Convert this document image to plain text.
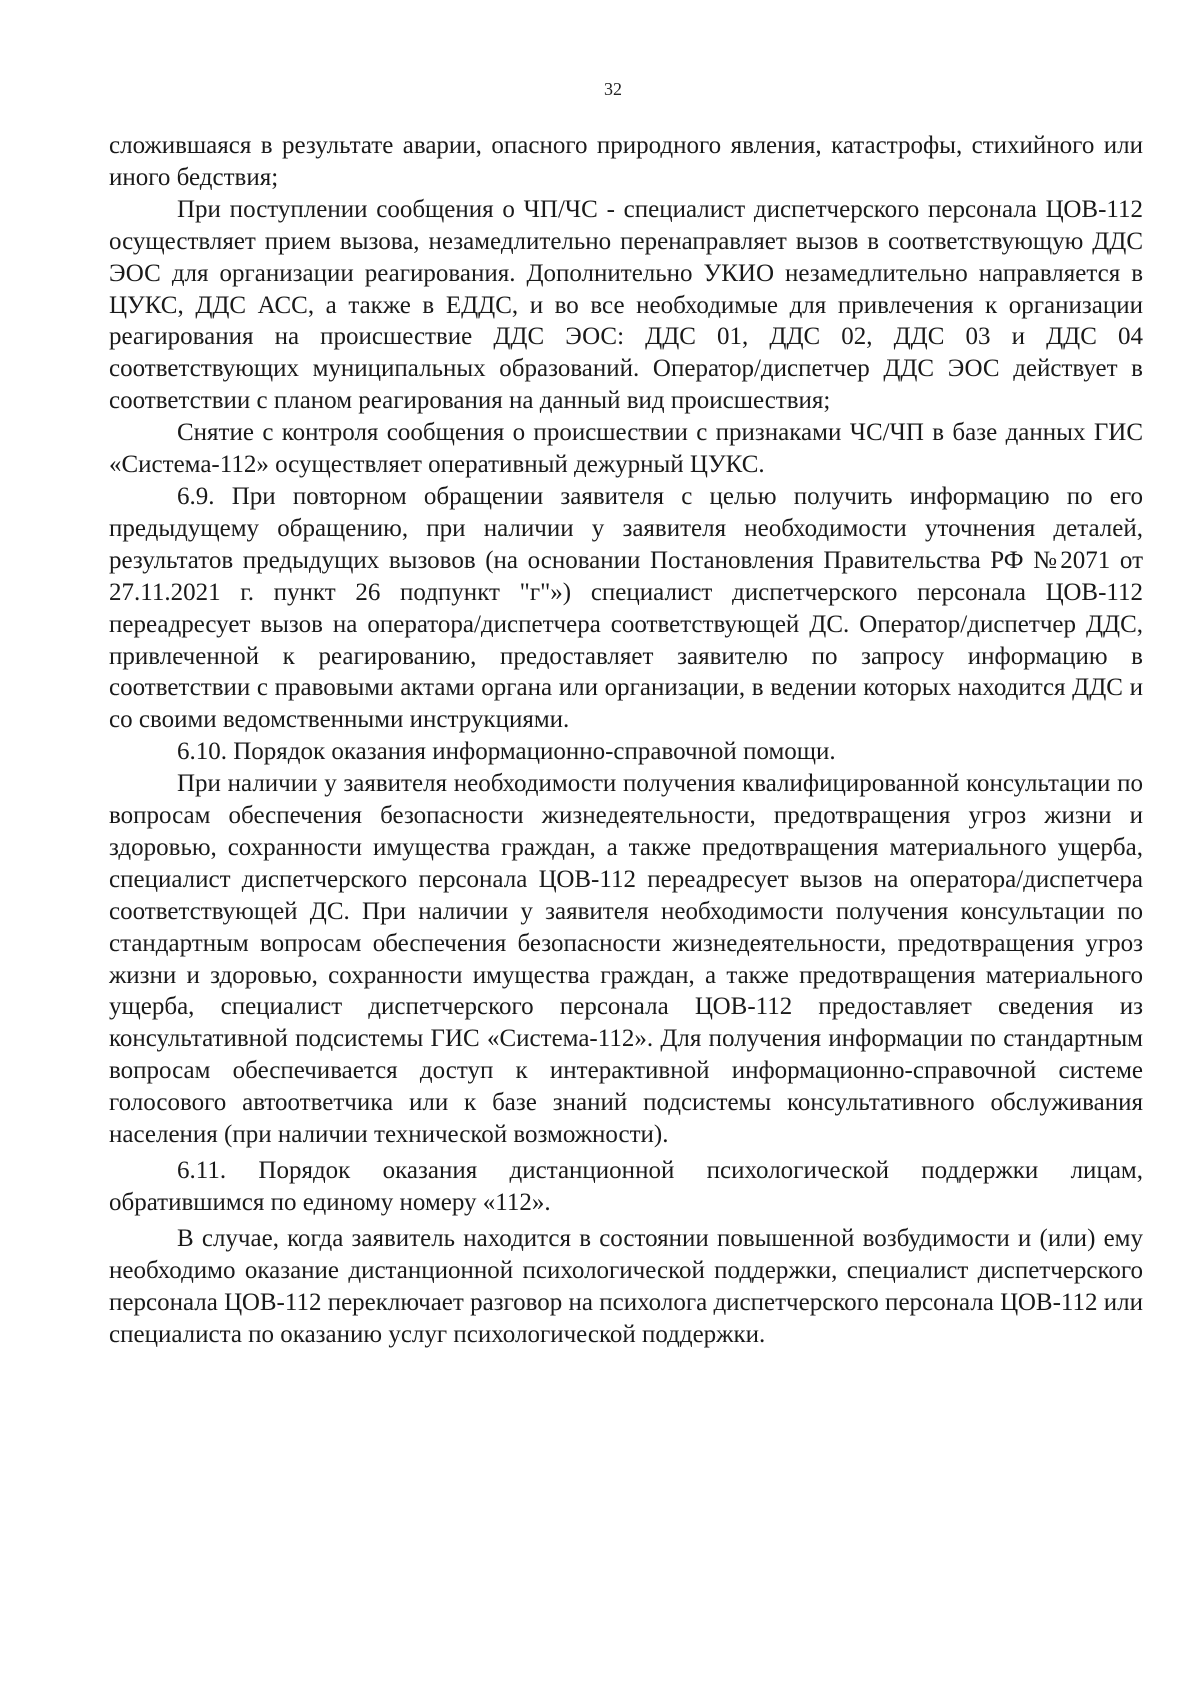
32

сложившаяся в результате аварии, опасного природного явления, катастрофы, стихийного или иного бедствия;

При поступлении сообщения о ЧП/ЧС - специалист диспетчерского персонала ЦОВ-112 осуществляет прием вызова, незамедлительно перенаправляет вызов в соответствующую ДДС ЭОС для организации реагирования. Дополнительно УКИО незамедлительно направляется в ЦУКС, ДДС АСС, а также в ЕДДС, и во все необходимые для привлечения к организации реагирования на происшествие ДДС ЭОС: ДДС 01, ДДС 02, ДДС 03 и ДДС 04 соответствующих муниципальных образований. Оператор/диспетчер ДДС ЭОС действует в соответствии с планом реагирования на данный вид происшествия;

Снятие с контроля сообщения о происшествии с признаками ЧС/ЧП в базе данных ГИС «Система-112» осуществляет оперативный дежурный ЦУКС.

6.9. При повторном обращении заявителя с целью получить информацию по его предыдущему обращению, при наличии у заявителя необходимости уточнения деталей, результатов предыдущих вызовов (на основании Постановления Правительства РФ №2071 от 27.11.2021 г. пункт 26 подпункт "г"») специалист диспетчерского персонала ЦОВ-112 переадресует вызов на оператора/диспетчера соответствующей ДС. Оператор/диспетчер ДДС, привлеченной к реагированию, предоставляет заявителю по запросу информацию в соответствии с правовыми актами органа или организации, в ведении которых находится ДДС и со своими ведомственными инструкциями.

6.10. Порядок оказания информационно-справочной помощи.

При наличии у заявителя необходимости получения квалифицированной консультации по вопросам обеспечения безопасности жизнедеятельности, предотвращения угроз жизни и здоровью, сохранности имущества граждан, а также предотвращения материального ущерба, специалист диспетчерского персонала ЦОВ-112 переадресует вызов на оператора/диспетчера соответствующей ДС. При наличии у заявителя необходимости получения консультации по стандартным вопросам обеспечения безопасности жизнедеятельности, предотвращения угроз жизни и здоровью, сохранности имущества граждан, а также предотвращения материального ущерба, специалист диспетчерского персонала ЦОВ-112 предоставляет сведения из консультативной подсистемы ГИС «Система-112». Для получения информации по стандартным вопросам обеспечивается доступ к интерактивной информационно-справочной системе голосового автоответчика или к базе знаний подсистемы консультативного обслуживания населения (при наличии технической возможности).

6.11. Порядок оказания дистанционной психологической поддержки лицам, обратившимся по единому номеру «112».

В случае, когда заявитель находится в состоянии повышенной возбудимости и (или) ему необходимо оказание дистанционной психологической поддержки, специалист диспетчерского персонала ЦОВ-112 переключает разговор на психолога диспетчерского персонала ЦОВ-112 или специалиста по оказанию услуг психологической поддержки.
